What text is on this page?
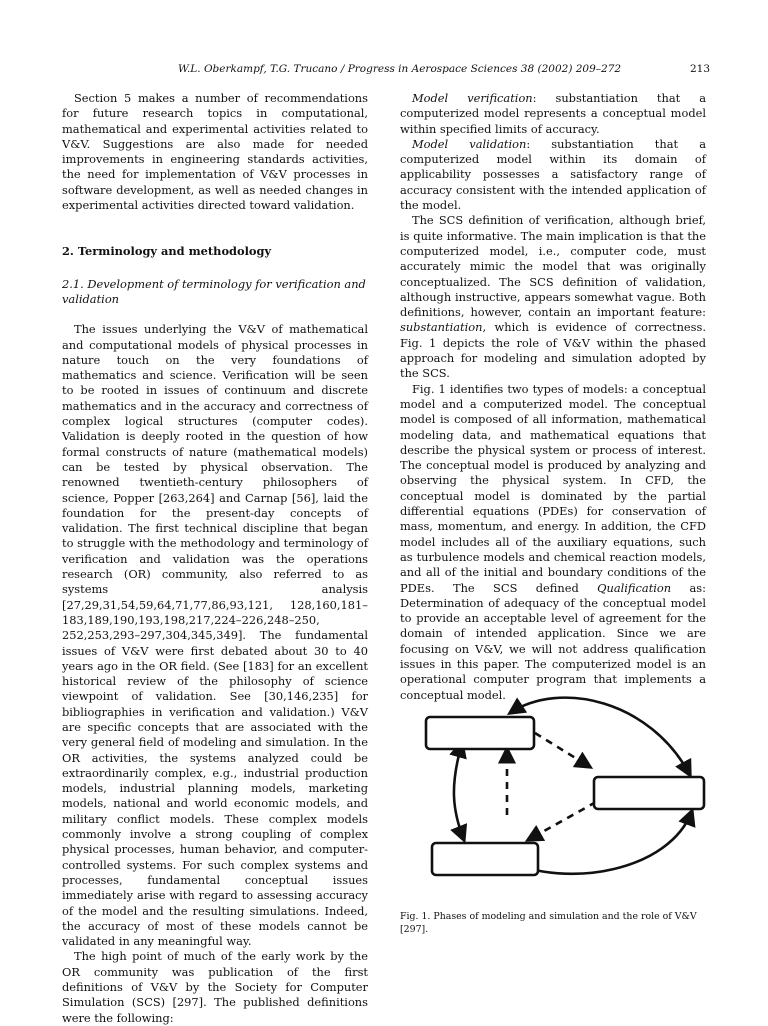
W.L. Oberkampf, T.G. Trucano / Progress in Aerospace Sciences 38 (2002) 209–272	213

Section 5 makes a number of recommendations for future research topics in computational, mathematical and experimental activities related to V&V. Suggestions are also made for needed improvements in engineering standards activities, the need for implementation of V&V processes in software development, as well as needed changes in experimental activities directed toward validation.

2. Terminology and methodology

2.1. Development of terminology for verification and validation

The issues underlying the V&V of mathematical and computational models of physical processes in nature touch on the very foundations of mathematics and science. Verification will be seen to be rooted in issues of continuum and discrete mathematics and in the accuracy and correctness of complex logical structures (computer codes). Validation is deeply rooted in the question of how formal constructs of nature (mathematical models) can be tested by physical observation. The renowned twentieth-century philosophers of science, Popper [263,264] and Carnap [56], laid the foundation for the present-day concepts of validation. The first technical discipline that began to struggle with the methodology and terminology of verification and validation was the operations research (OR) community, also referred to as systems analysis [27,29,31,54,59,64,71,77,86,93,121, 128,160,181–183,189,190,193,198,217,224–226,248–250, 252,253,293–297,304,345,349]. The fundamental issues of V&V were first debated about 30 to 40 years ago in the OR field. (See [183] for an excellent historical review of the philosophy of science viewpoint of validation. See [30,146,235] for bibliographies in verification and validation.) V&V are specific concepts that are associated with the very general field of modeling and simulation. In the OR activities, the systems analyzed could be extraordinarily complex, e.g., industrial production models, industrial planning models, marketing models, national and world economic models, and military conflict models. These complex models commonly involve a strong coupling of complex physical processes, human behavior, and computer-controlled systems. For such complex systems and processes, fundamental conceptual issues immediately arise with regard to assessing accuracy of the model and the resulting simulations. Indeed, the accuracy of most of these models cannot be validated in any meaningful way.

The high point of much of the early work by the OR community was publication of the first definitions of V&V by the Society for Computer Simulation (SCS) [297]. The published definitions were the following:

Model verification: substantiation that a computerized model represents a conceptual model within specified limits of accuracy.

Model validation: substantiation that a computerized model within its domain of applicability possesses a satisfactory range of accuracy consistent with the intended application of the model.

The SCS definition of verification, although brief, is quite informative. The main implication is that the computerized model, i.e., computer code, must accurately mimic the model that was originally conceptualized. The SCS definition of validation, although instructive, appears somewhat vague. Both definitions, however, contain an important feature: substantiation, which is evidence of correctness. Fig. 1 depicts the role of V&V within the phased approach for modeling and simulation adopted by the SCS.

Fig. 1 identifies two types of models: a conceptual model and a computerized model. The conceptual model is composed of all information, mathematical modeling data, and mathematical equations that describe the physical system or process of interest. The conceptual model is produced by analyzing and observing the physical system. In CFD, the conceptual model is dominated by the partial differential equations (PDEs) for conservation of mass, momentum, and energy. In addition, the CFD model includes all of the auxiliary equations, such as turbulence models and chemical reaction models, and all of the initial and boundary conditions of the PDEs. The SCS defined Qualification as: Determination of adequacy of the conceptual model to provide an acceptable level of agreement for the domain of intended application. Since we are focusing on V&V, we will not address qualification issues in this paper. The computerized model is an operational computer program that implements a conceptual model.

Fig. 1. Phases of modeling and simulation and the role of V&V [297].
